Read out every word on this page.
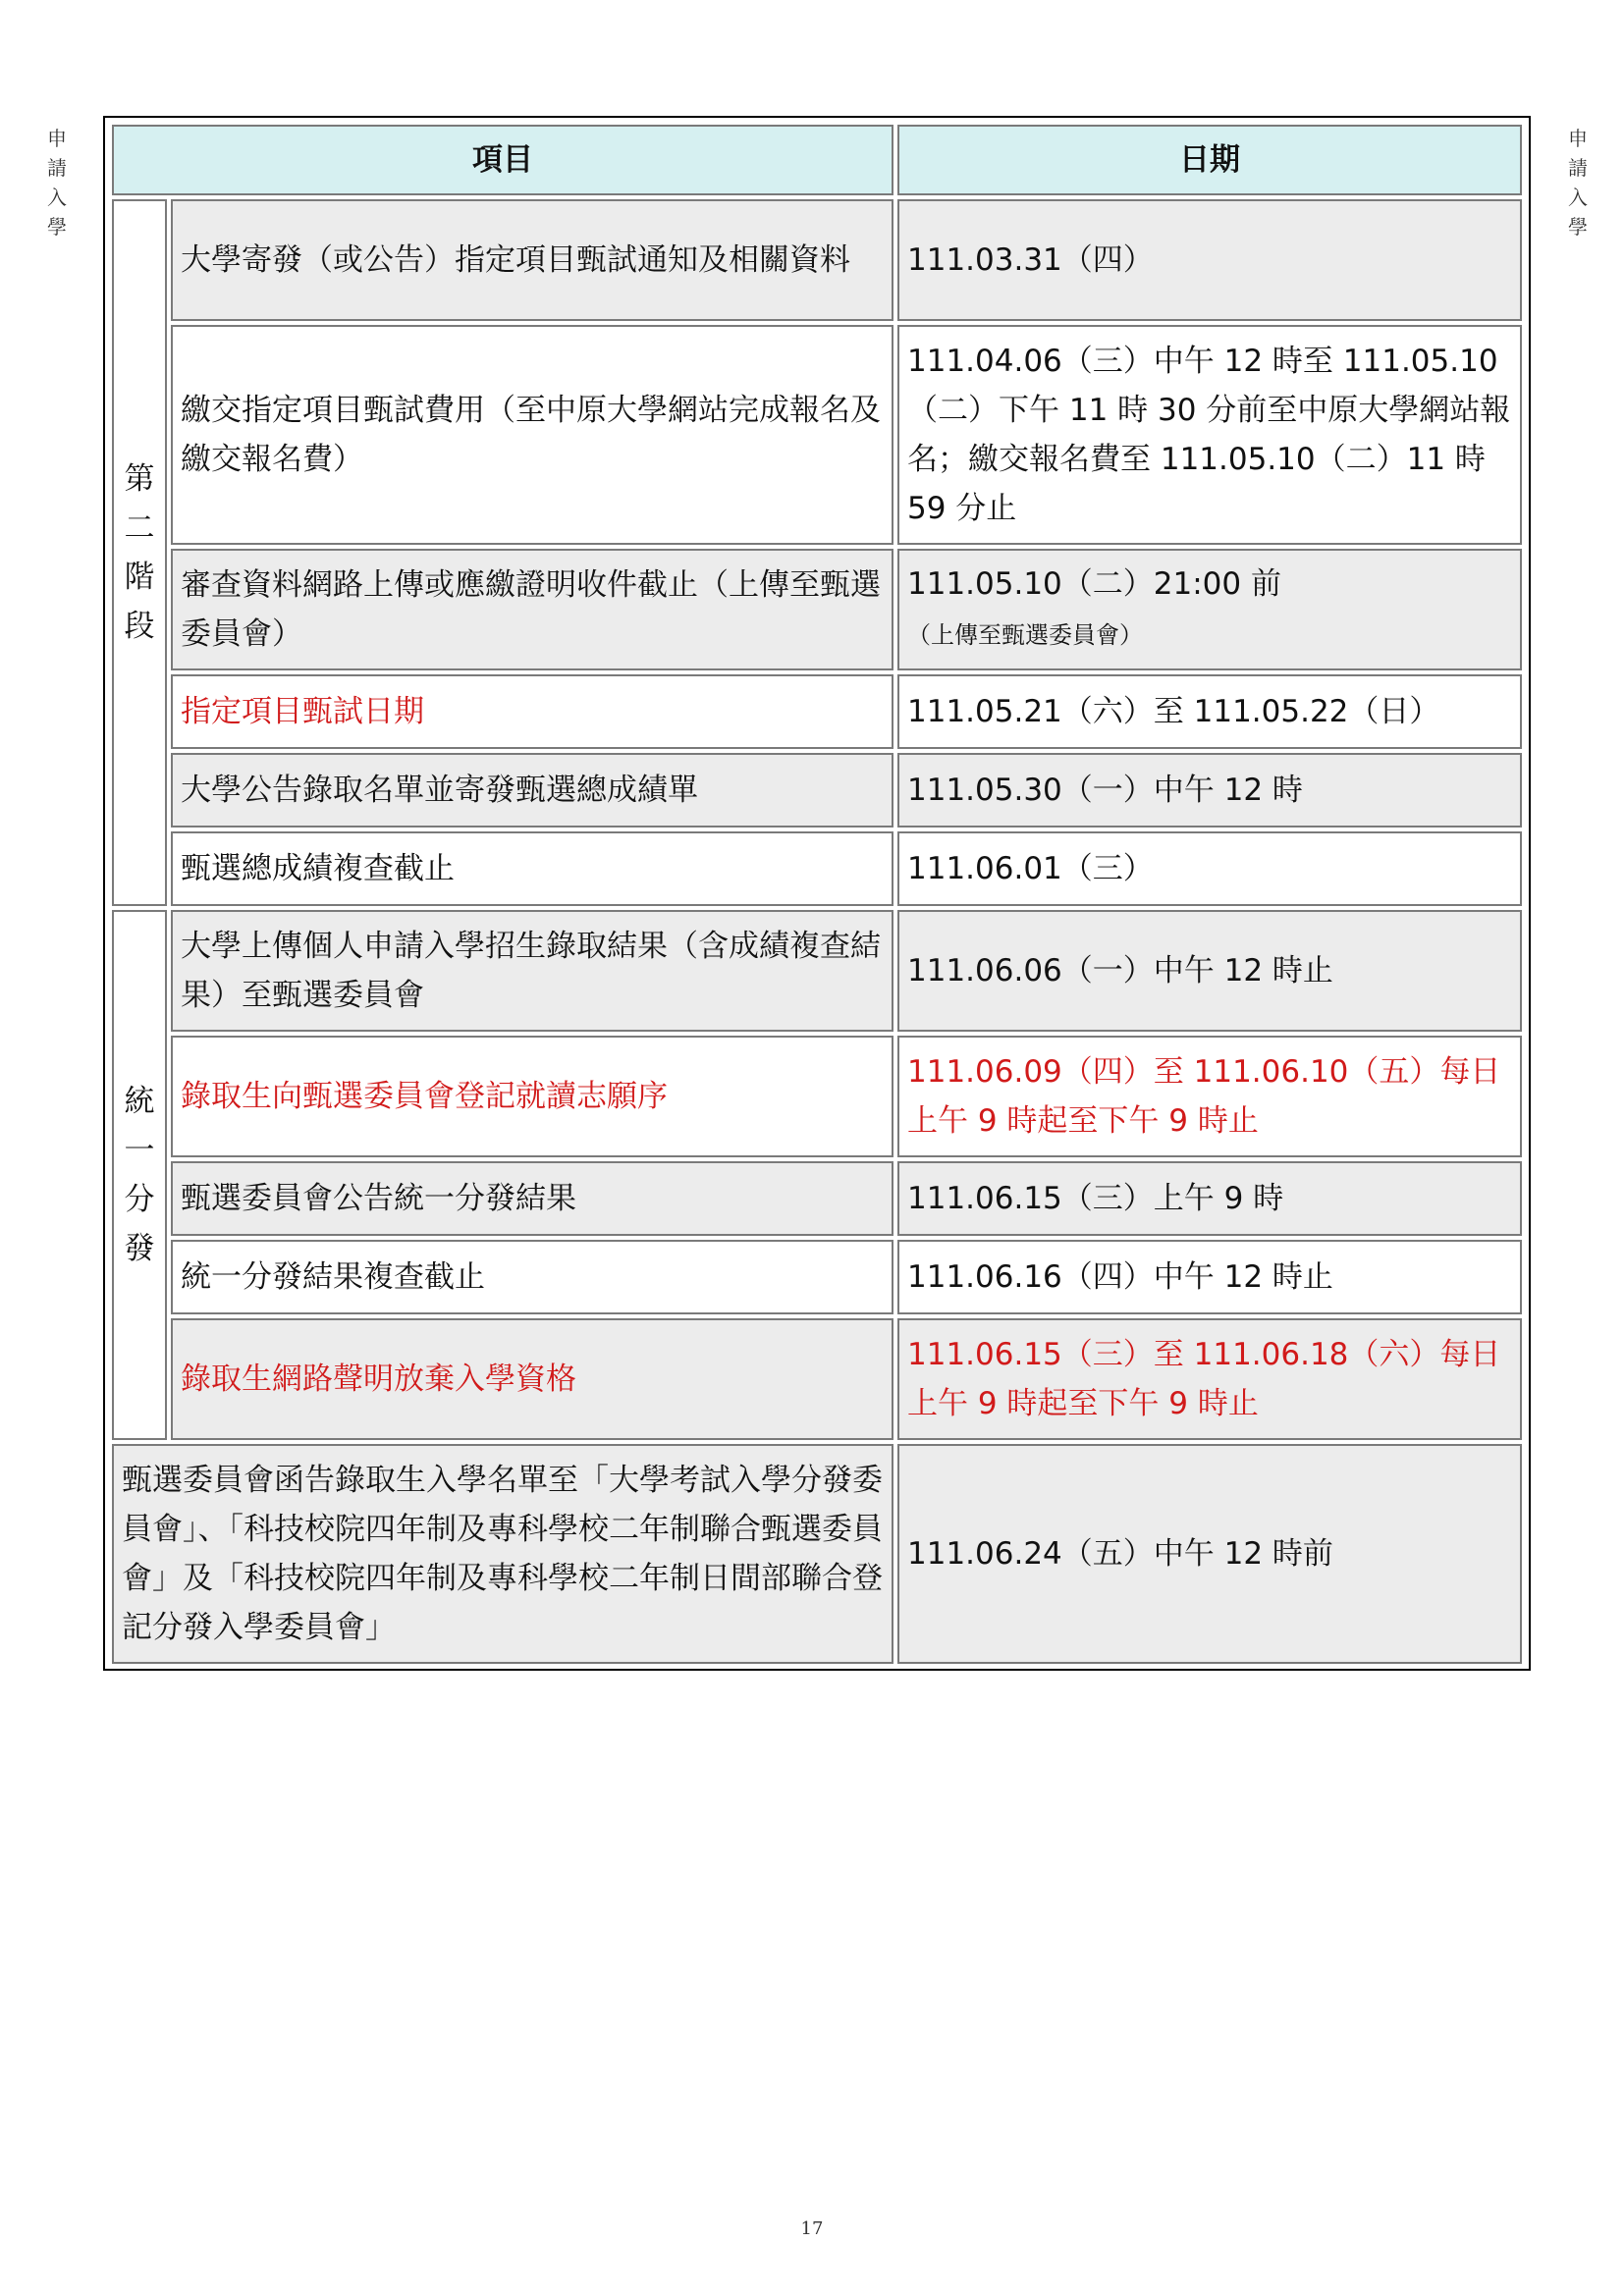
申請入學
申請入學
項目		日期
第二階段	大學寄發（或公告）指定項目甄試通知及相關資料	111.03.31（四）
	繳交指定項目甄試費用（至中原大學網站完成報名及繳交報名費）	111.04.06（三）中午 12 時至 111.05.10（二）下午 11 時 30 分前至中原大學網站報名；繳交報名費至 111.05.10（二）11 時 59 分止
	審查資料網路上傳或應繳證明收件截止（上傳至甄選委員會）	111.05.10（二）21:00 前（上傳至甄選委員會）
	指定項目甄試日期	111.05.21（六）至 111.05.22（日）
	大學公告錄取名單並寄發甄選總成績單	111.05.30（一）中午 12 時
	甄選總成績複查截止	111.06.01（三）
統一分發	大學上傳個人申請入學招生錄取結果（含成績複查結果）至甄選委員會	111.06.06（一）中午 12 時止
	錄取生向甄選委員會登記就讀志願序	111.06.09（四）至 111.06.10（五）每日上午 9 時起至下午 9 時止
	甄選委員會公告統一分發結果	111.06.15（三）上午 9 時
	統一分發結果複查截止	111.06.16（四）中午 12 時止
	錄取生網路聲明放棄入學資格	111.06.15（三）至 111.06.18（六）每日上午 9 時起至下午 9 時止
甄選委員會函告錄取生入學名單至「大學考試入學分發委員會」、「科技校院四年制及專科學校二年制聯合甄選委員會」及「科技校院四年制及專科學校二年制日間部聯合登記分發入學委員會」		111.06.24（五）中午 12 時前
17
